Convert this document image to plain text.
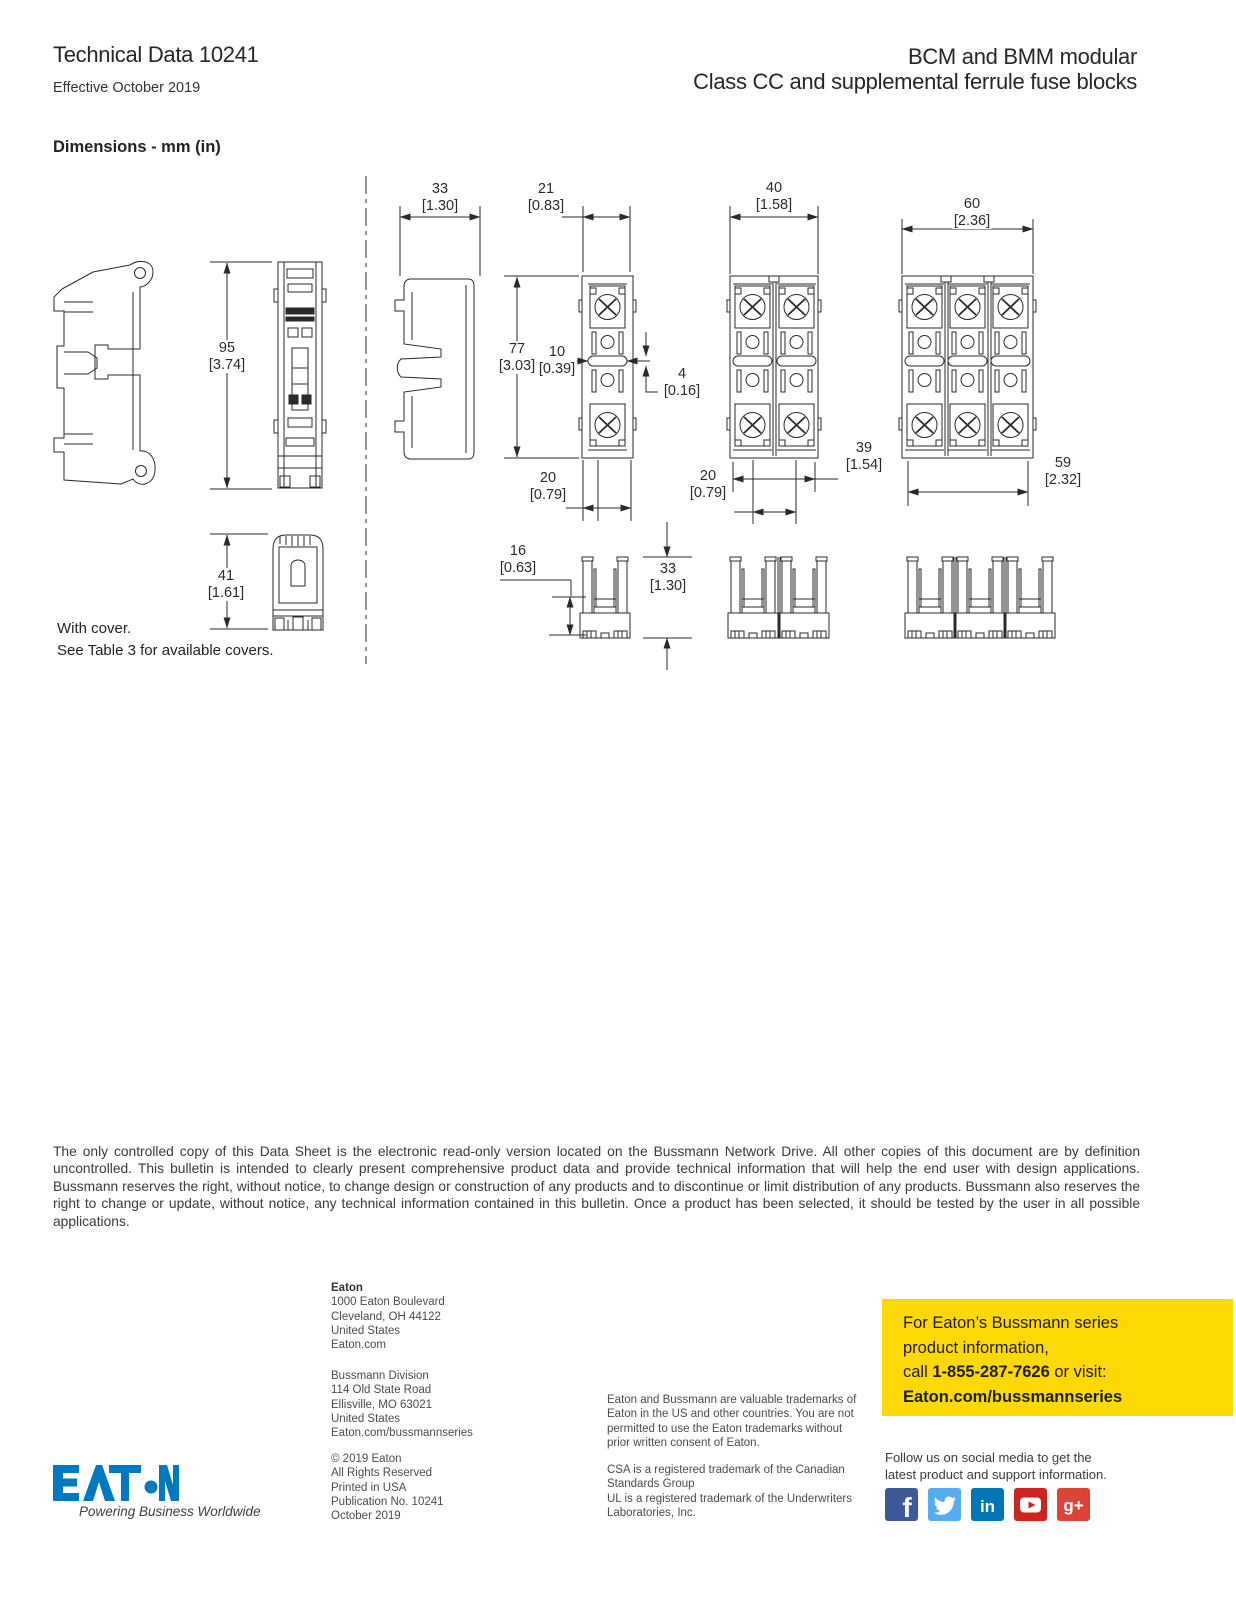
Technical Data 10241
Effective October 2019
BCM and BMM modular
Class CC and supplemental ferrule fuse blocks
Dimensions - mm (in)
33
[1.30]
21
[0.83]
40
[1.58]	60
[2.36]
95
[3.74]
77
[3.03]
10
[0.39]	4
[0.16]
20
[0.79]
20
[0.79]
39
[1.54]	59
[2.32]
41
[1.61]
16
[0.63]	33
[1.30]
With cover.
See Table 3 for available covers.
The only controlled copy of this Data Sheet is the electronic read-only version located on the Bussmann Network Drive. All other copies of this document are by definition uncontrolled. This bulletin is intended to clearly present comprehensive product data and provide technical information that will help the end user with design applications. Bussmann reserves the right, without notice, to change design or construction of any products and to discontinue or limit distribution of any products. Bussmann also reserves the right to change or update, without notice, any technical information contained in this bulletin. Once a product has been selected, it should be tested by the user in all possible applications.
Eaton
1000 Eaton Boulevard
Cleveland, OH 44122
United States
Eaton.com
Bussmann Division
114 Old State Road
Ellisville, MO 63021
United States
Eaton.com/bussmannseries
© 2019 Eaton
All Rights Reserved
Printed in USA
Publication No. 10241
October 2019
Eaton and Bussmann are valuable trademarks of Eaton in the US and other countries. You are not permitted to use the Eaton trademarks without prior written consent of Eaton.
CSA is a registered trademark of the Canadian Standards Group
UL is a registered trademark of the Underwriters Laboratories, Inc.
For Eaton’s Bussmann series
product information,
call 1-855-287-7626 or visit:
Eaton.com/bussmannseries
Follow us on social media to get the
latest product and support information.
f	in	g+
Powering Business Worldwide
